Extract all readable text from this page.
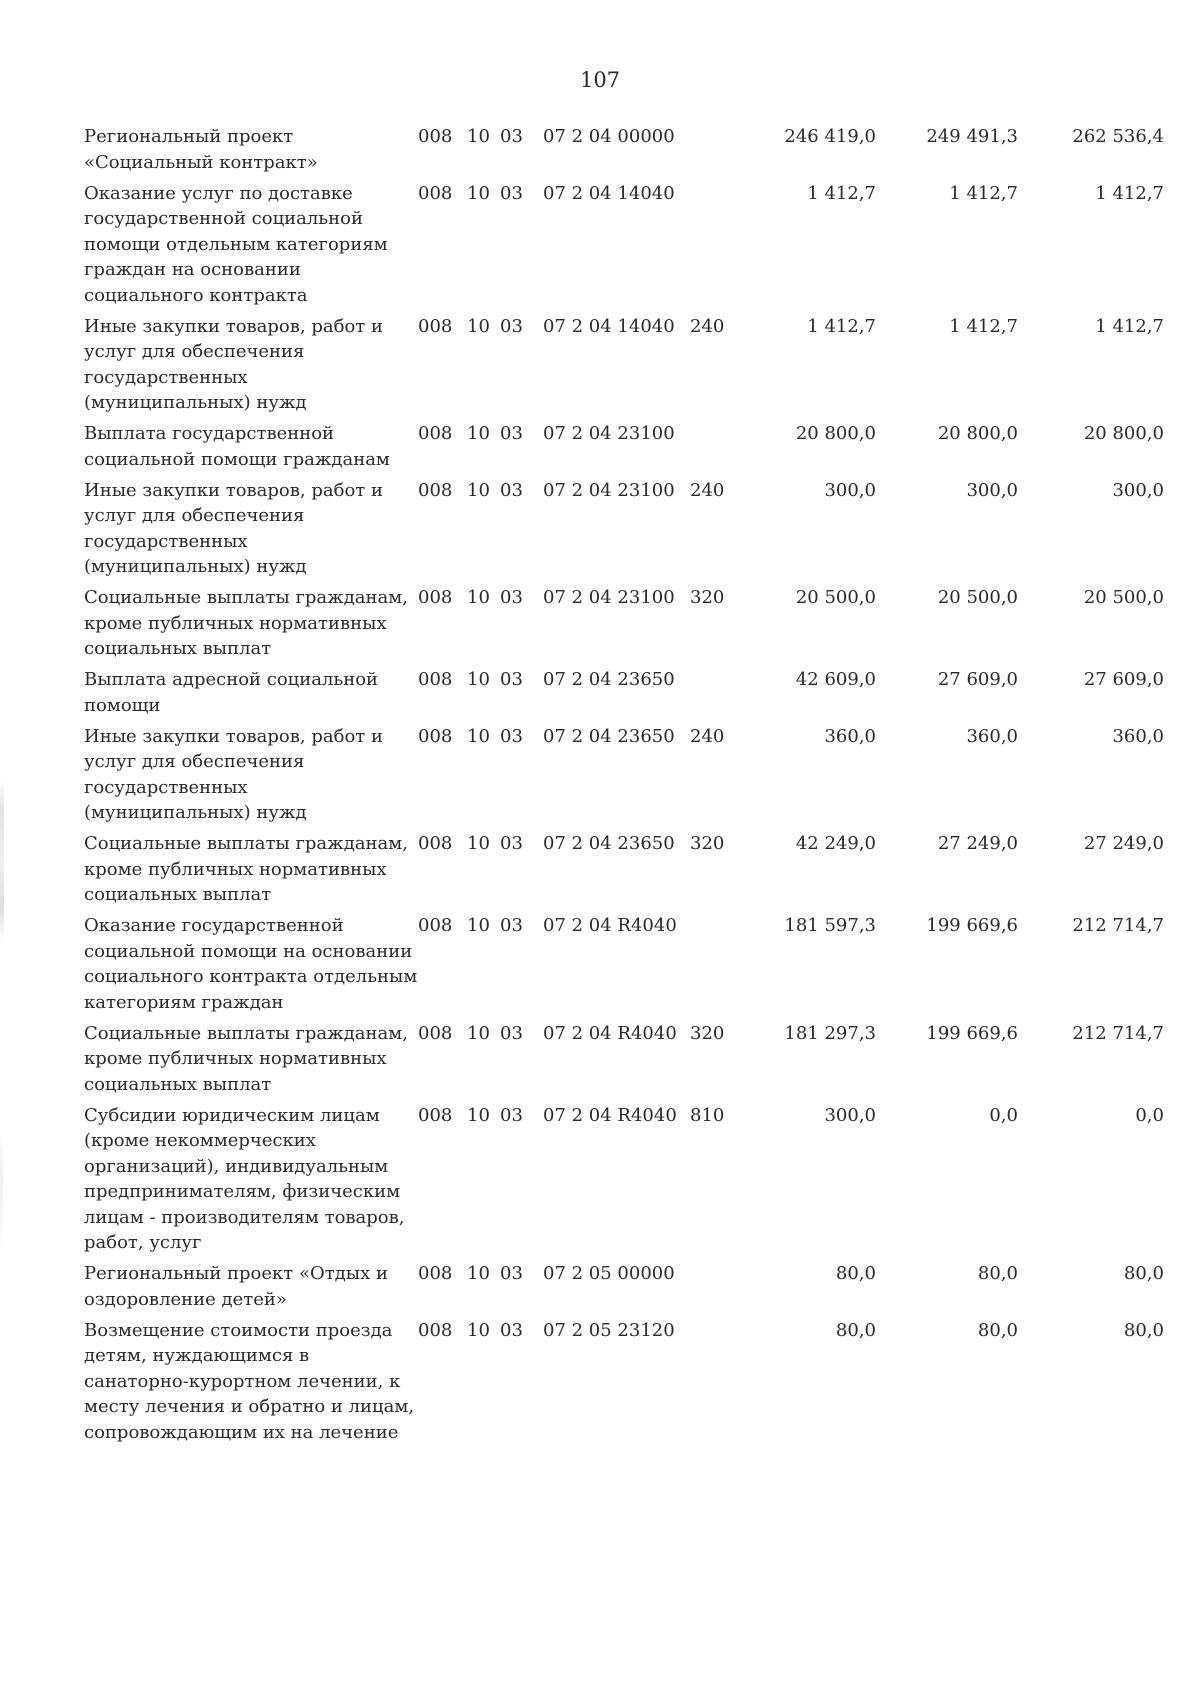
107
Региональный проект «Социальный контракт»
008 10 03	07 2 04 00000	246 419,0	249 491,3	262 536,4
Оказание услуг по доставке государственной социальной помощи отдельным категориям граждан на основании социального контракта
008 10 03	07 2 04 14040	1 412,7	1 412,7	1 412,7
Иные закупки товаров, работ и услуг для обеспечения государственных (муниципальных) нужд
008 10 03	07 2 04 14040 240	1 412,7	1 412,7	1 412,7
Выплата государственной социальной помощи гражданам
008 10 03	07 2 04 23100	20 800,0	20 800,0	20 800,0
Иные закупки товаров, работ и услуг для обеспечения государственных (муниципальных) нужд
008 10 03	07 2 04 23100 240	300,0	300,0	300,0
Социальные выплаты гражданам, кроме публичных нормативных социальных выплат
008 10 03	07 2 04 23100 320	20 500,0	20 500,0	20 500,0
Выплата адресной социальной помощи
008 10 03	07 2 04 23650	42 609,0	27 609,0	27 609,0
Иные закупки товаров, работ и услуг для обеспечения государственных (муниципальных) нужд
008 10 03	07 2 04 23650 240	360,0	360,0	360,0
Социальные выплаты гражданам, кроме публичных нормативных социальных выплат
008 10 03	07 2 04 23650 320	42 249,0	27 249,0	27 249,0
Оказание государственной социальной помощи на основании социального контракта отдельным категориям граждан
008 10 03	07 2 04 R4040	181 597,3	199 669,6	212 714,7
Социальные выплаты гражданам, кроме публичных нормативных социальных выплат
008 10 03	07 2 04 R4040 320	181 297,3	199 669,6	212 714,7
Субсидии юридическим лицам (кроме некоммерческих организаций), индивидуальным предпринимателям, физическим лицам - производителям товаров, работ, услуг
008 10 03	07 2 04 R4040 810	300,0	0,0	0,0
Региональный проект «Отдых и оздоровление детей»
008 10 03	07 2 05 00000	80,0	80,0	80,0
Возмещение стоимости проезда детям, нуждающимся в санаторно-курортном лечении, к месту лечения и обратно и лицам, сопровождающим их на лечение
008 10 03	07 2 05 23120	80,0	80,0	80,0
